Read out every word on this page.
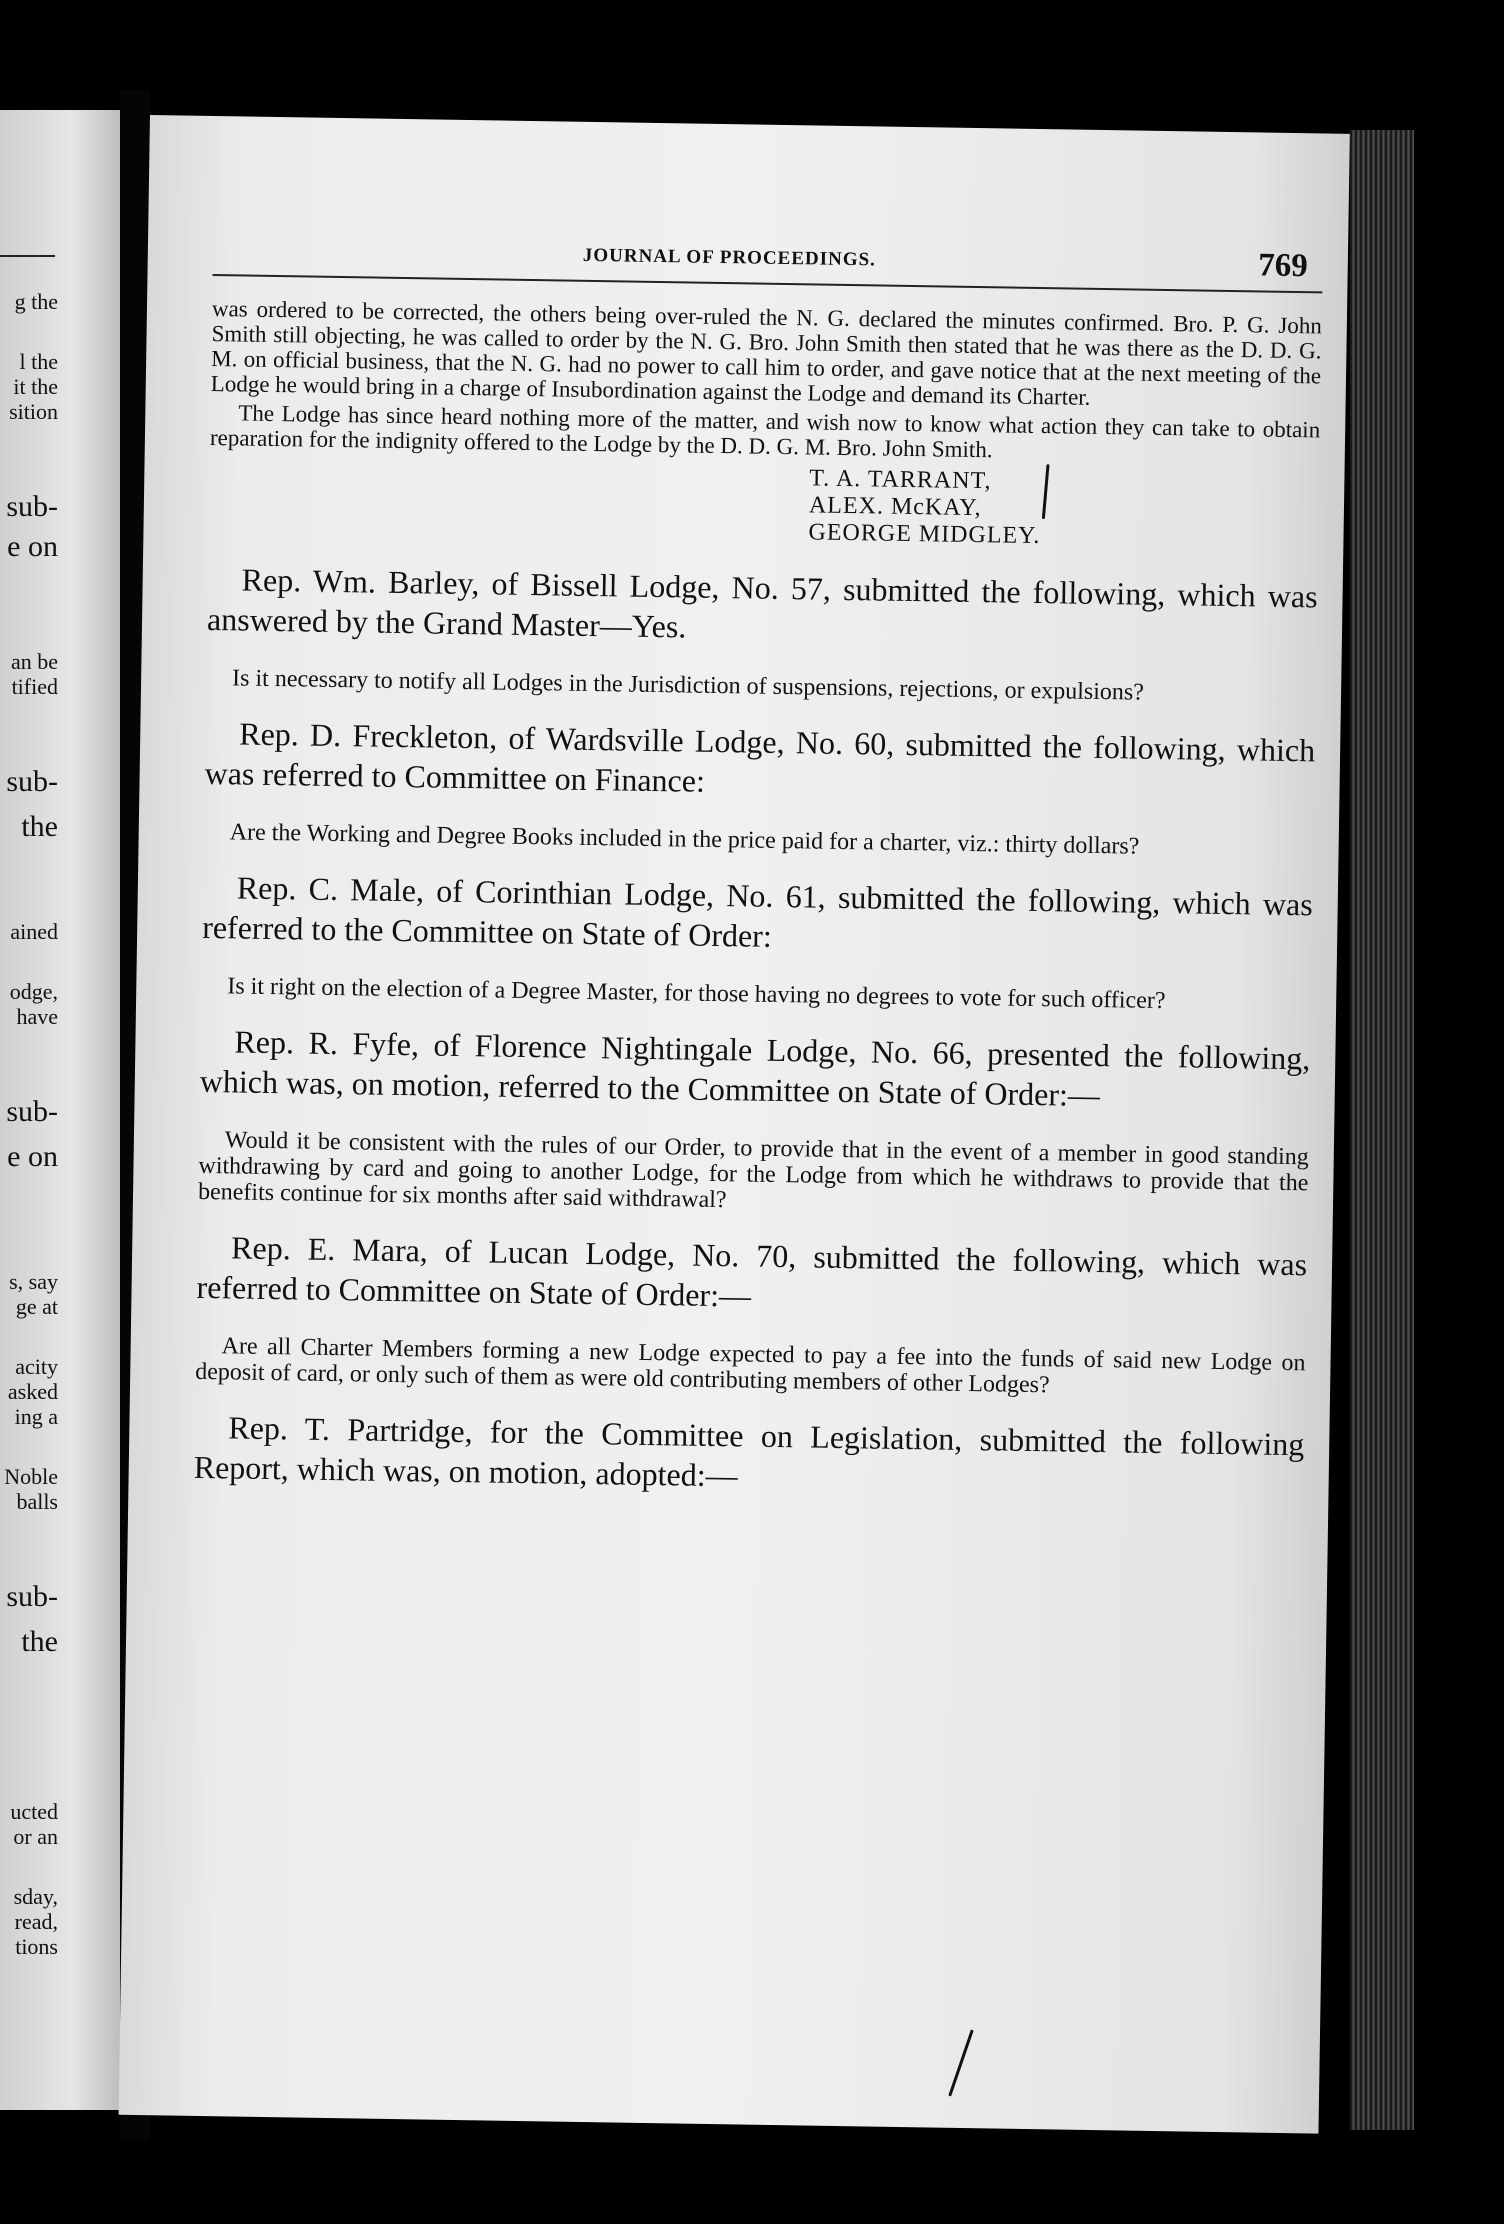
g the
l the
it the
sition
sub-
e on
an be
tified
sub-
the
ained
odge,
have
sub-
e on
s, say
ge at
acity
asked
ing a
Noble
balls
sub-
the
ucted
or an
sday,
read,
tions
JOURNAL OF PROCEEDINGS.	769

was ordered to be corrected, the others being over-ruled the N. G. declared the minutes confirmed. Bro. P. G. John Smith still objecting, he was called to order by the N. G. Bro. John Smith then stated that he was there as the D. D. G. M. on official business, that the N. G. had no power to call him to order, and gave notice that at the next meeting of the Lodge he would bring in a charge of Insubordination against the Lodge and demand its Charter.

The Lodge has since heard nothing more of the matter, and wish now to know what action they can take to obtain reparation for the indignity offered to the Lodge by the D. D. G. M. Bro. John Smith.

T. A. TARRANT,
ALEX. McKAY,
GEORGE MIDGLEY.

Rep. Wm. Barley, of Bissell Lodge, No. 57, submitted the following, which was answered by the Grand Master—Yes.

Is it necessary to notify all Lodges in the Jurisdiction of suspensions, rejections, or expulsions?

Rep. D. Freckleton, of Wardsville Lodge, No. 60, submitted the following, which was referred to Committee on Finance:

Are the Working and Degree Books included in the price paid for a charter, viz.: thirty dollars?

Rep. C. Male, of Corinthian Lodge, No. 61, submitted the following, which was referred to the Committee on State of Order:

Is it right on the election of a Degree Master, for those having no degrees to vote for such officer?

Rep. R. Fyfe, of Florence Nightingale Lodge, No. 66, presented the following, which was, on motion, referred to the Committee on State of Order:—

Would it be consistent with the rules of our Order, to provide that in the event of a member in good standing withdrawing by card and going to another Lodge, for the Lodge from which he withdraws to provide that the benefits continue for six months after said withdrawal?

Rep. E. Mara, of Lucan Lodge, No. 70, submitted the following, which was referred to Committee on State of Order:—

Are all Charter Members forming a new Lodge expected to pay a fee into the funds of said new Lodge on deposit of card, or only such of them as were old contributing members of other Lodges?

Rep. T. Partridge, for the Committee on Legislation, submitted the following Report, which was, on motion, adopted:—
